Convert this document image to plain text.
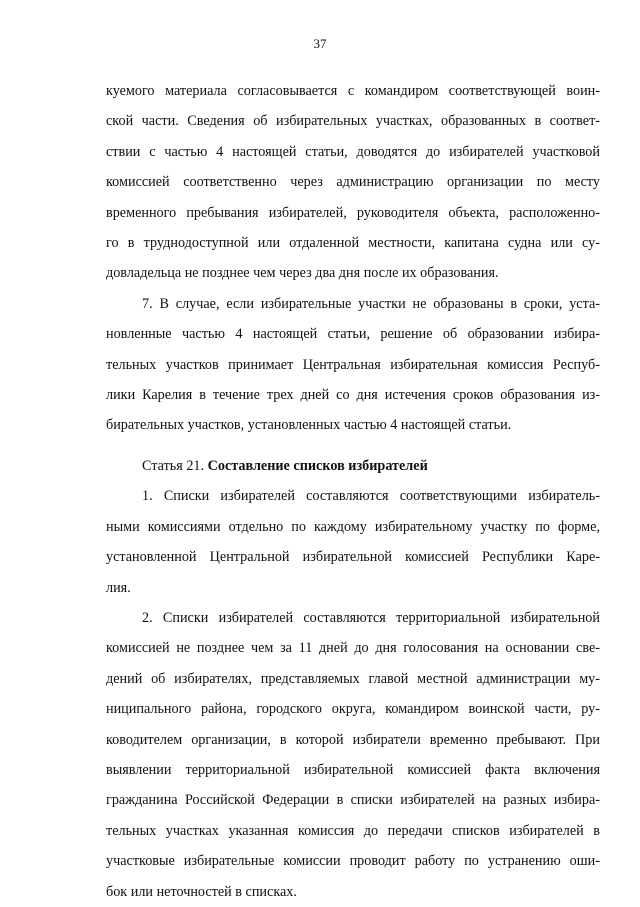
37
куемого материала согласовывается с командиром соответствующей воин-
ской части. Сведения об избирательных участках, образованных в соответ-
ствии с частью 4 настоящей статьи, доводятся до избирателей участковой
комиссией соответственно через администрацию организации по месту
временного пребывания избирателей, руководителя объекта, расположенно-
го в труднодоступной или отдаленной местности, капитана судна или су-
довладельца не позднее чем через два дня после их образования.
7. В случае, если избирательные участки не образованы в сроки, уста-
новленные частью 4 настоящей статьи, решение об образовании избира-
тельных участков принимает Центральная избирательная комиссия Респуб-
лики Карелия в течение трех дней со дня истечения сроков образования из-
бирательных участков, установленных частью 4 настоящей статьи.
Статья 21. Составление списков избирателей
1. Списки избирателей составляются соответствующими избиратель-
ными комиссиями отдельно по каждому избирательному участку по форме,
установленной Центральной избирательной комиссией Республики Каре-
лия.
2. Списки избирателей составляются территориальной избирательной
комиссией не позднее чем за 11 дней до дня голосования на основании све-
дений об избирателях, представляемых главой местной администрации му-
ниципального района, городского округа, командиром воинской части, ру-
ководителем организации, в которой избиратели временно пребывают. При
выявлении территориальной избирательной комиссией факта включения
гражданина Российской Федерации в списки избирателей на разных избира-
тельных участках указанная комиссия до передачи списков избирателей в
участковые избирательные комиссии проводит работу по устранению оши-
бок или неточностей в списках.
